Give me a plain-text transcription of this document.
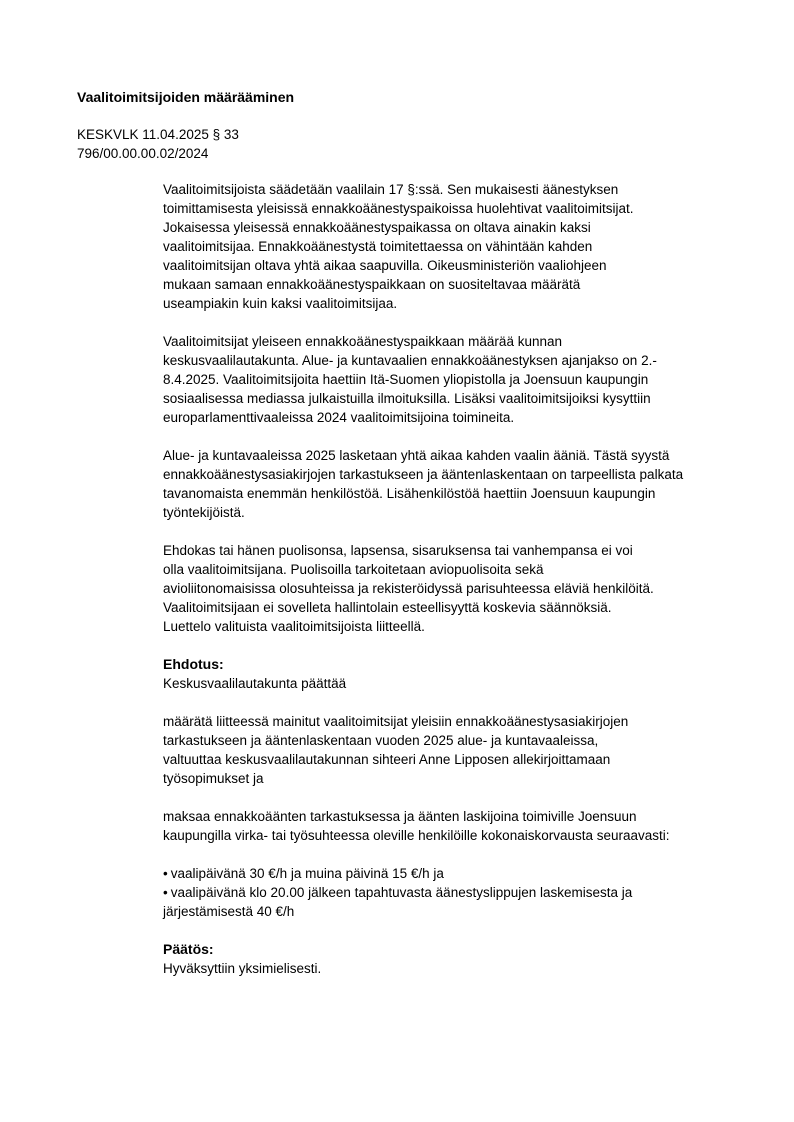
Vaalitoimitsijoiden määrääminen
KESKVLK 11.04.2025 § 33
796/00.00.00.02/2024
Vaalitoimitsijoista säädetään vaalilain 17 §:ssä. Sen mukaisesti äänestyksen
toimittamisesta yleisissä ennakkoäänestyspaikoissa huolehtivat vaalitoimitsijat.
Jokaisessa yleisessä ennakkoäänestyspaikassa on oltava ainakin kaksi
vaalitoimitsijaa. Ennakkoäänestystä toimitettaessa on vähintään kahden
vaalitoimitsijan oltava yhtä aikaa saapuvilla. Oikeusministeriön vaaliohjeen
mukaan samaan ennakkoäänestyspaikkaan on suositeltavaa määrätä
useampiakin kuin kaksi vaalitoimitsijaa.
Vaalitoimitsijat yleiseen ennakkoäänestyspaikkaan määrää kunnan
keskusvaalilautakunta. Alue- ja kuntavaalien ennakkoäänestyksen ajanjakso on 2.-
8.4.2025. Vaalitoimitsijoita haettiin Itä-Suomen yliopistolla ja Joensuun kaupungin
sosiaalisessa mediassa julkaistuilla ilmoituksilla. Lisäksi vaalitoimitsijoiksi kysyttiin
europarlamenttivaaleissa 2024 vaalitoimitsijoina toimineita.
Alue- ja kuntavaaleissa 2025 lasketaan yhtä aikaa kahden vaalin ääniä. Tästä syystä
ennakkoäänestysasiakirjojen tarkastukseen ja ääntenlaskentaan on tarpeellista palkata
tavanomaista enemmän henkilöstöä. Lisähenkilöstöä haettiin Joensuun kaupungin
työntekijöistä.
Ehdokas tai hänen puolisonsa, lapsensa, sisaruksensa tai vanhempansa ei voi
olla vaalitoimitsijana. Puolisoilla tarkoitetaan aviopuolisoita sekä
avioliitonomaisissa olosuhteissa ja rekisteröidyssä parisuhteessa eläviä henkilöitä.
Vaalitoimitsijaan ei sovelleta hallintolain esteellisyyttä koskevia säännöksiä.
Luettelo valituista vaalitoimitsijoista liitteellä.
Ehdotus:
Keskusvaalilautakunta päättää
määrätä liitteessä mainitut vaalitoimitsijat yleisiin ennakkoäänestysasiakirjojen
tarkastukseen ja ääntenlaskentaan vuoden 2025 alue- ja kuntavaaleissa,
valtuuttaa keskusvaalilautakunnan sihteeri Anne Lipposen allekirjoittamaan
työsopimukset ja
maksaa ennakkoäänten tarkastuksessa ja äänten laskijoina toimiville Joensuun
kaupungilla virka- tai työsuhteessa oleville henkilöille kokonaiskorvausta seuraavasti:
• vaalipäivänä 30 €/h ja muina päivinä 15 €/h ja
• vaalipäivänä klo 20.00 jälkeen tapahtuvasta äänestyslippujen laskemisesta ja
järjestämisestä 40 €/h
Päätös:
Hyväksyttiin yksimielisesti.
